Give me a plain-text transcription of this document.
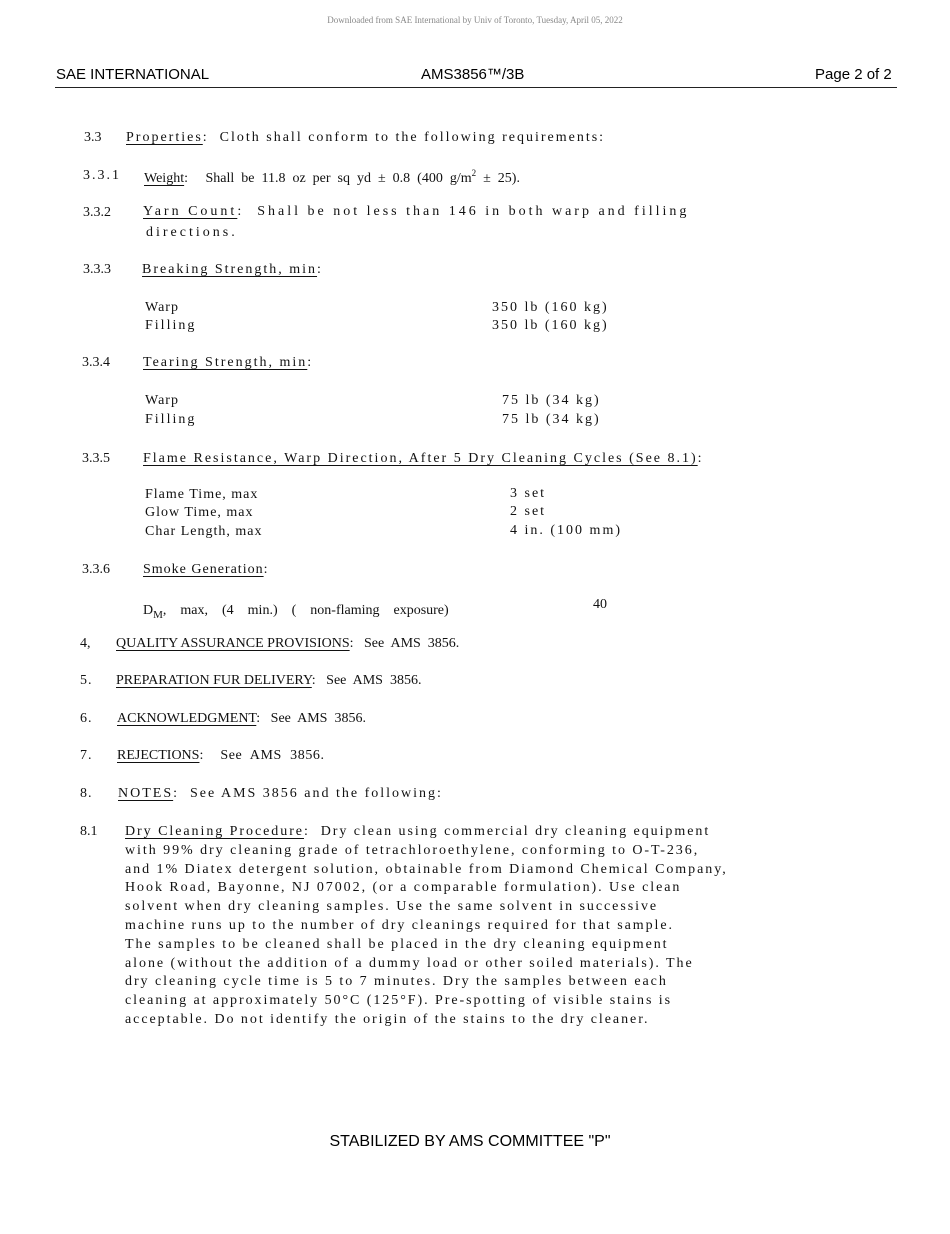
Downloaded from SAE International by Univ of Toronto, Tuesday, April 05, 2022
SAE INTERNATIONAL	AMS3856™/3B	Page 2 of 2
3.3 Properties:  Cloth shall conform to the following requirements:
3.3.1 Weight:     Shall  be  11.8  oz  per  sq  yd  ±  0.8  (400  $g/m^2 \pm 25$).
3.3.2 Yarn Count:  Shall be not less than 146 in both warp and filling
directions.
3.3.3 Breaking Strength, min:
Warp	350 lb (160 kg)
Filling	350 lb (160 kg)
3.3.4 Tearing Strength, min:
Warp	75 lb (34 kg)
Filling	75 lb (34 kg)
3.3.5 Flame Resistance, Warp Direction, After 5 Dry Cleaning Cycles (See 8.1):
Flame Time, max	3 set
Glow Time, max	2 set
Char Length, max	4 in. (100 mm)
3.3.6 Smoke Generation:
$D_M$,    max,    (4    min.)    (    non-flaming    exposure)	40
4, QUALITY ASSURANCE PROVISIONS:   See  AMS  3856.
5. PREPARATION FUR DELIVERY:   See  AMS  3856.
6. ACKNOWLEDGMENT:   See  AMS  3856.
7. REJECTIONS:    See  AMS  3856.
8. NOTES:  See AMS 3856 and the following:
8.1 Dry Cleaning Procedure:  Dry clean using commercial dry cleaning equipment
with 99% dry cleaning grade of tetrachloroethylene, conforming to O-T-236,
and 1% Diatex detergent solution, obtainable from Diamond Chemical Company,
Hook Road, Bayonne, NJ 07002, (or a comparable formulation). Use clean
solvent when dry cleaning samples. Use the same solvent in successive
machine runs up to the number of dry cleanings required for that sample.
The samples to be cleaned shall be placed in the dry cleaning equipment
alone (without the addition of a dummy load or other soiled materials). The
dry cleaning cycle time is 5 to 7 minutes. Dry the samples between each
cleaning at approximately 50°C (125°F). Pre-spotting of visible stains is
acceptable. Do not identify the origin of the stains to the dry cleaner.
STABILIZED BY AMS COMMITTEE "P"
